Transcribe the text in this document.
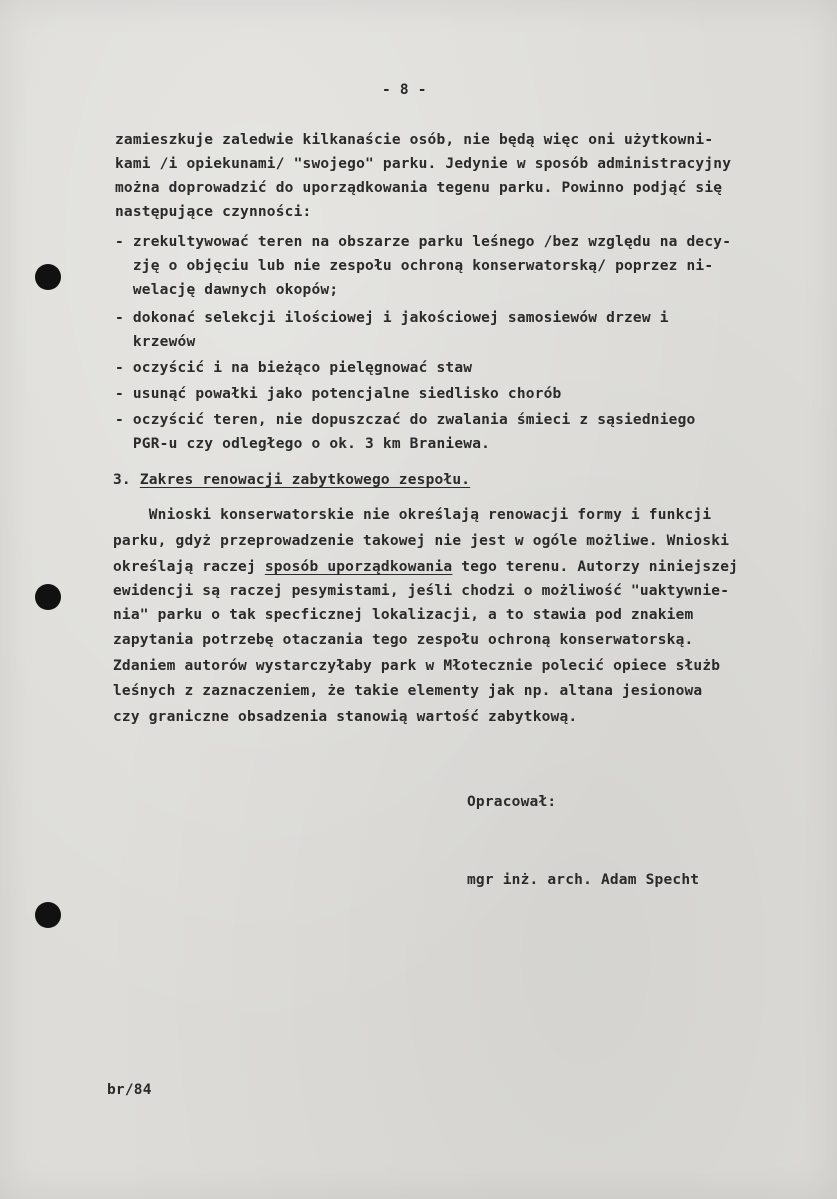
- 8 -
zamieszkuje zaledwie kilkanaście osób, nie będą więc oni użytkowni-
kami /i opiekunami/ "swojego" parku. Jedynie w sposób administracyjny
można doprowadzić do uporządkowania tegenu parku. Powinno podjąć się
następujące czynności:
- zrekultywować teren na obszarze parku leśnego /bez względu na decy-
zję o objęciu lub nie zespołu ochroną konserwatorską/ poprzez ni-
welację dawnych okopów;
- dokonać selekcji ilościowej i jakościowej samosiewów drzew i
krzewów
- oczyścić i na bieżąco pielęgnować staw
- usunąć powałki jako potencjalne siedlisko chorób
- oczyścić teren, nie dopuszczać do zwalania śmieci z sąsiedniego
PGR-u czy odległego o ok. 3 km Braniewa.
3. Zakres renowacji zabytkowego zespołu.
Wnioski konserwatorskie nie określają renowacji formy i funkcji
parku, gdyż przeprowadzenie takowej nie jest w ogóle możliwe. Wnioski
określają raczej sposób uporządkowania tego terenu. Autorzy niniejszej
ewidencji są raczej pesymistami, jeśli chodzi o możliwość "uaktywnie-
nia" parku o tak specficznej lokalizacji, a to stawia pod znakiem
zapytania potrzebę otaczania tego zespołu ochroną konserwatorską.
Zdaniem autorów wystarczyłaby park w Młotecznie polecić opiece służb
leśnych z zaznaczeniem, że takie elementy jak np. altana jesionowa
czy graniczne obsadzenia stanowią wartość zabytkową.
Opracował:
mgr inż. arch. Adam Specht
br/84
